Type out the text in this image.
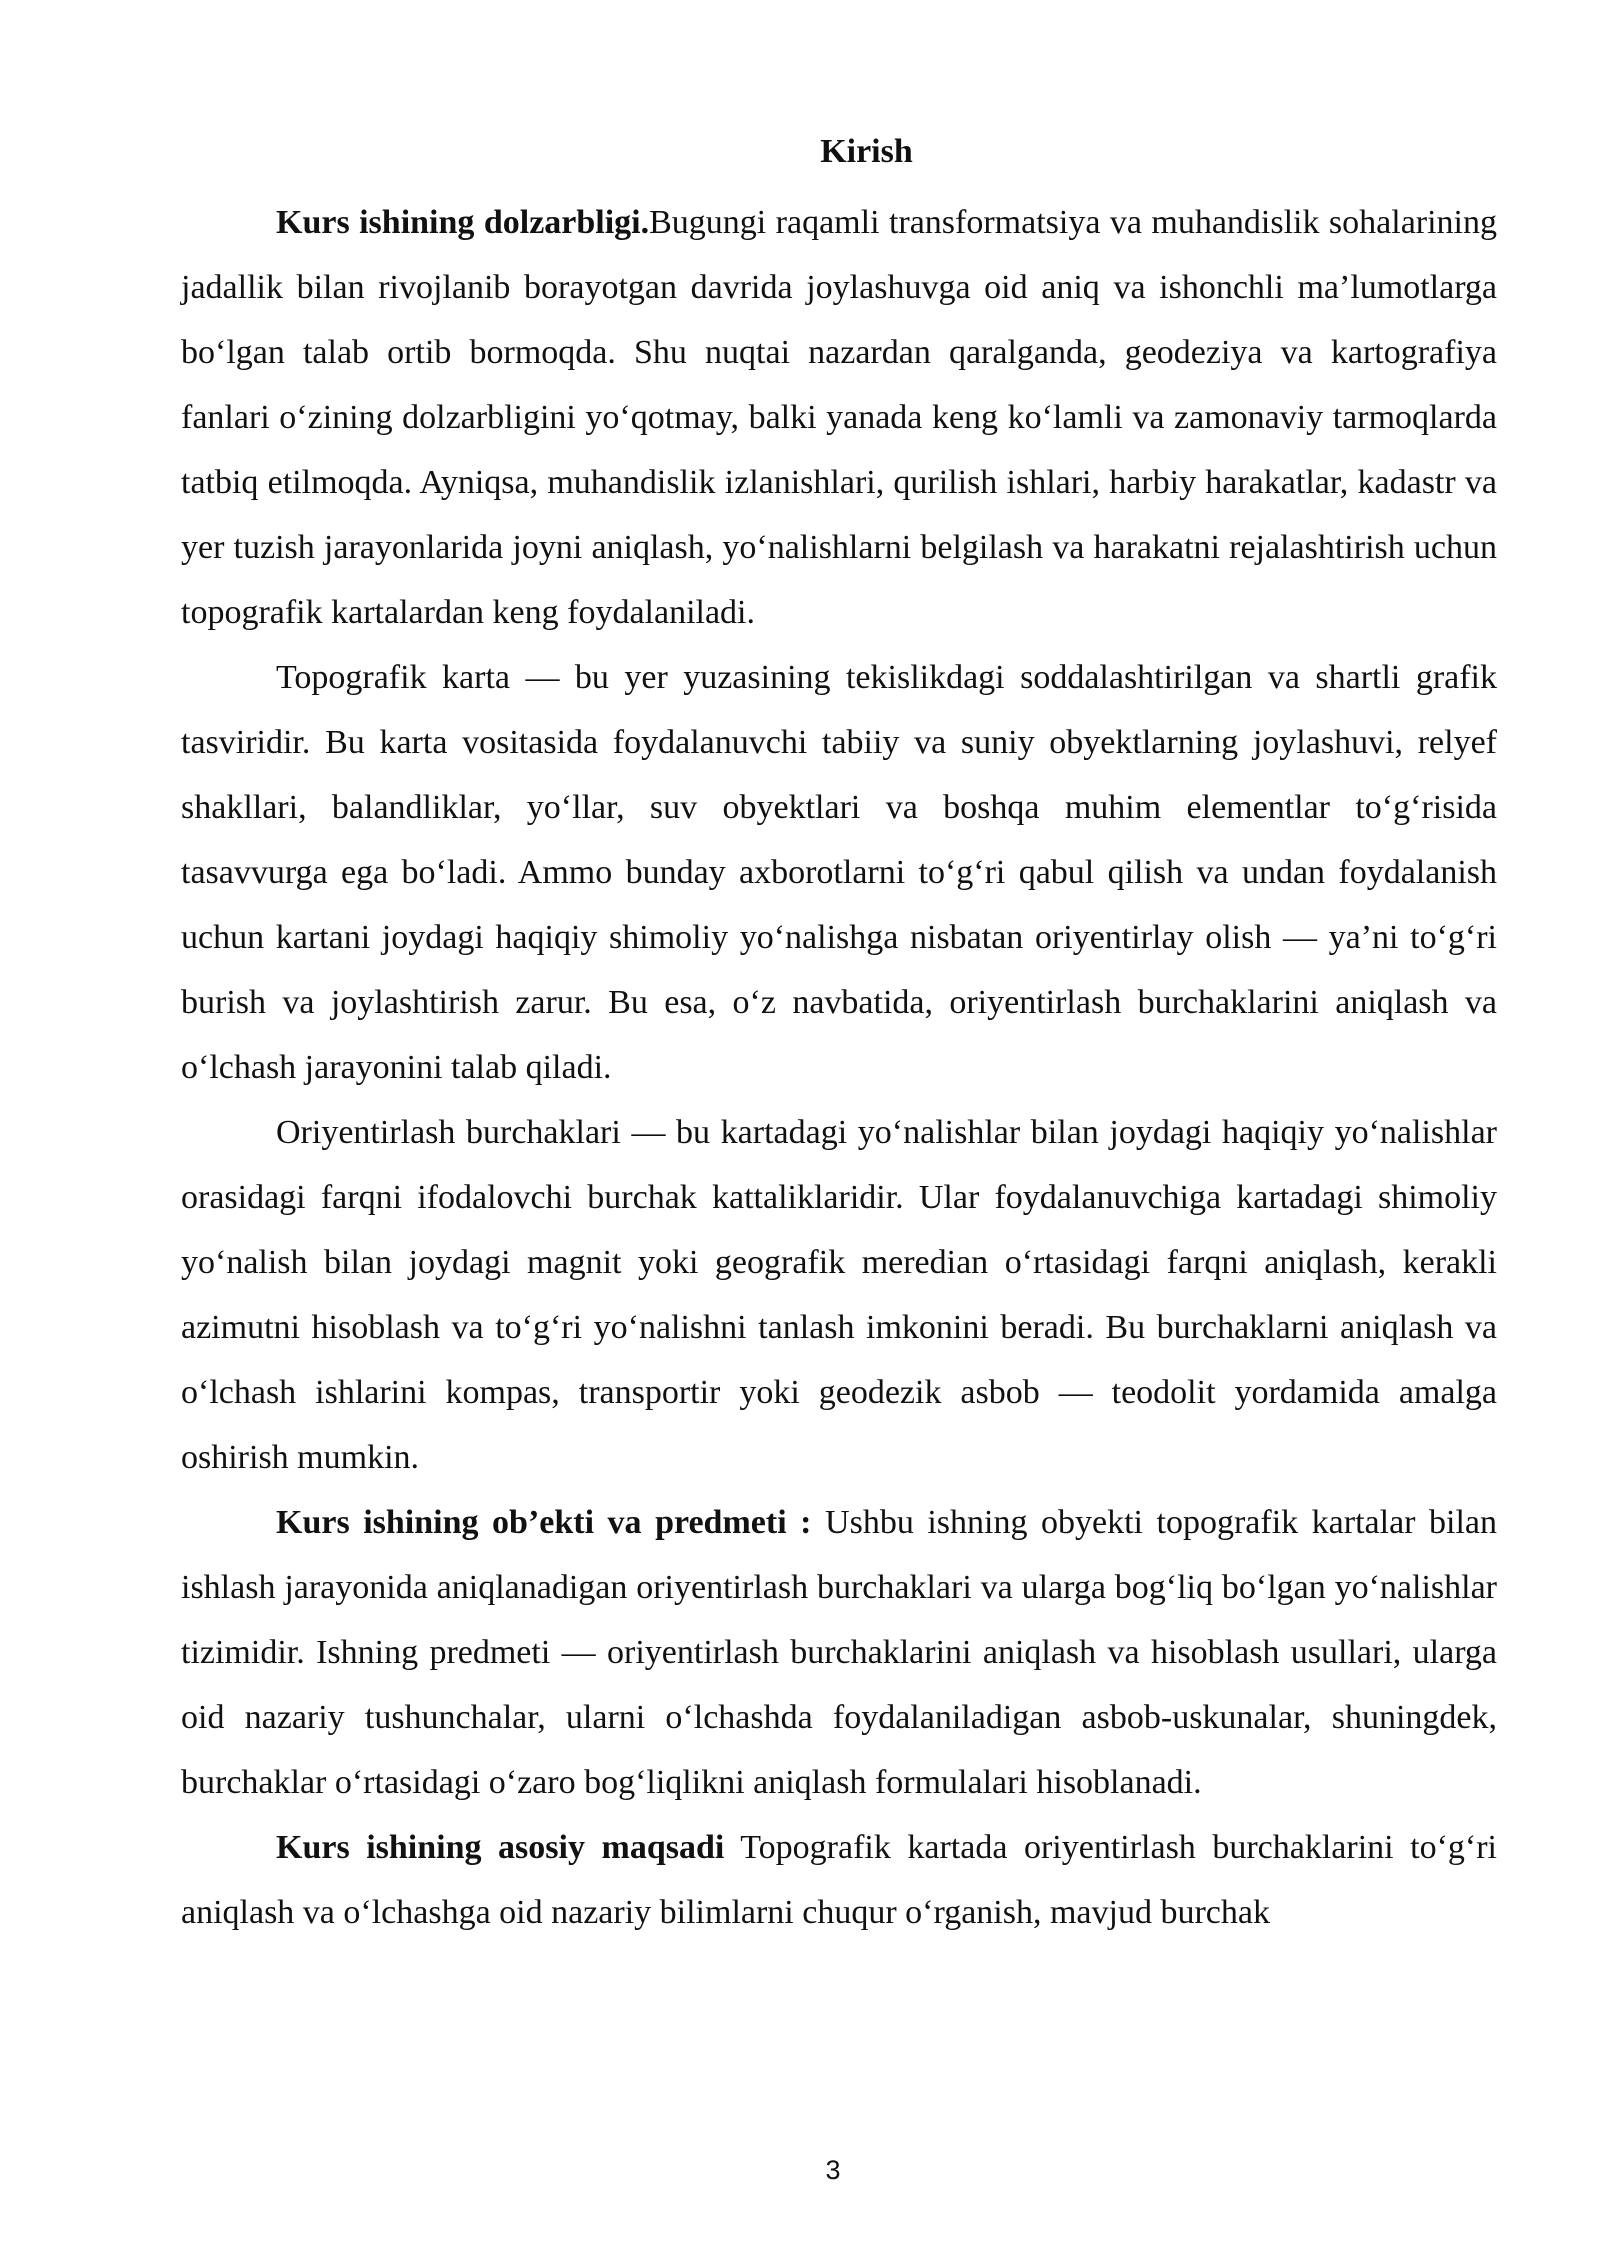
Kirish

Kurs ishining dolzarbligi.Bugungi raqamli transformatsiya va muhandislik sohalarining jadallik bilan rivojlanib borayotgan davrida joylashuvga oid aniq va ishonchli ma’lumotlarga bo‘lgan talab ortib bormoqda. Shu nuqtai nazardan qaralganda, geodeziya va kartografiya fanlari o‘zining dolzarbligini yo‘qotmay, balki yanada keng ko‘lamli va zamonaviy tarmoqlarda tatbiq etilmoqda. Ayniqsa, muhandislik izlanishlari, qurilish ishlari, harbiy harakatlar, kadastr va yer tuzish jarayonlarida joyni aniqlash, yo‘nalishlarni belgilash va harakatni rejalashtirish uchun topografik kartalardan keng foydalaniladi.

Topografik karta — bu yer yuzasining tekislikdagi soddalashtirilgan va shartli grafik tasviridir. Bu karta vositasida foydalanuvchi tabiiy va suniy obyektlarning joylashuvi, relyef shakllari, balandliklar, yo‘llar, suv obyektlari va boshqa muhim elementlar to‘g‘risida tasavvurga ega bo‘ladi. Ammo bunday axborotlarni to‘g‘ri qabul qilish va undan foydalanish uchun kartani joydagi haqiqiy shimoliy yo‘nalishga nisbatan oriyentirlay olish — ya’ni to‘g‘ri burish va joylashtirish zarur. Bu esa, o‘z navbatida, oriyentirlash burchaklarini aniqlash va o‘lchash jarayonini talab qiladi.

Oriyentirlash burchaklari — bu kartadagi yo‘nalishlar bilan joydagi haqiqiy yo‘nalishlar orasidagi farqni ifodalovchi burchak kattaliklaridir. Ular foydalanuvchiga kartadagi shimoliy yo‘nalish bilan joydagi magnit yoki geografik meredian o‘rtasidagi farqni aniqlash, kerakli azimutni hisoblash va to‘g‘ri yo‘nalishni tanlash imkonini beradi. Bu burchaklarni aniqlash va o‘lchash ishlarini kompas, transportir yoki geodezik asbob — teodolit yordamida amalga oshirish mumkin.

Kurs ishining ob’ekti va predmeti : Ushbu ishning obyekti topografik kartalar bilan ishlash jarayonida aniqlanadigan oriyentirlash burchaklari va ularga bog‘liq bo‘lgan yo‘nalishlar tizimidir. Ishning predmeti — oriyentirlash burchaklarini aniqlash va hisoblash usullari, ularga oid nazariy tushunchalar, ularni o‘lchashda foydalaniladigan asbob-uskunalar, shuningdek, burchaklar o‘rtasidagi o‘zaro bog‘liqlikni aniqlash formulalari hisoblanadi.

Kurs ishining asosiy maqsadi Topografik kartada oriyentirlash burchaklarini to‘g‘ri aniqlash va o‘lchashga oid nazariy bilimlarni chuqur o‘rganish, mavjud burchak

3
